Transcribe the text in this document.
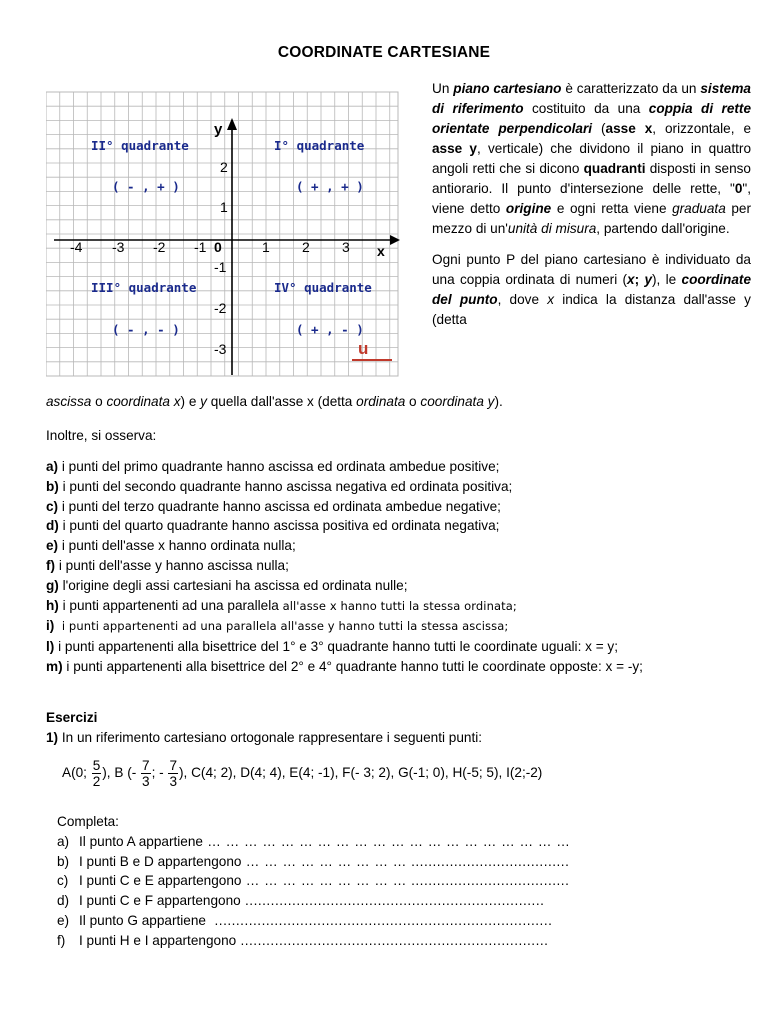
COORDINATE CARTESIANE
y
x
-4 -3 -2 -1 0	1 2 3
2
1
-1
-2
-3
II° quadrante	I° quadrante
III° quadrante	IV° quadrante
( - , + )	( + , + )
( - , - )	( + , - )
u

Un piano cartesiano è caratterizzato da un sistema di riferimento costituito da una coppia di rette orientate perpendicolari (asse x, orizzontale, e asse y, verticale) che dividono il piano in quattro angoli retti che si dicono quadranti disposti in senso antiorario. Il punto d'intersezione delle rette, "0", viene detto origine e ogni retta viene graduata per mezzo di un'unità di misura, partendo dall'origine.

Ogni punto P del piano cartesiano è individuato da una coppia ordinata di numeri (x; y), le coordinate del punto, dove x indica la distanza dall'asse y (detta

ascissa o coordinata x) e y quella dall'asse x (detta ordinata o coordinata y).
Inoltre, si osserva:
a) i punti del primo quadrante hanno ascissa ed ordinata ambedue positive;
b) i punti del secondo quadrante hanno ascissa negativa ed ordinata positiva;
c) i punti del terzo quadrante hanno ascissa ed ordinata ambedue negative;
d) i punti del quarto quadrante hanno ascissa positiva ed ordinata negativa;
e) i punti dell'asse x hanno ordinata nulla;
f) i punti dell'asse y hanno ascissa nulla;
g) l'origine degli assi cartesiani ha ascissa ed ordinata nulle;
h) i punti appartenenti ad una parallela all'asse x hanno tutti la stessa ordinata;
i) i punti appartenenti ad una parallela all'asse y hanno tutti la stessa ascissa;
l) i punti appartenenti alla bisettrice del 1° e 3° quadrante hanno tutti le coordinate uguali: x = y;
m) i punti appartenenti alla bisettrice del 2° e 4° quadrante hanno tutti le coordinate opposte: x = -y;
Esercizi
1) In un riferimento cartesiano ortogonale rappresentare i seguenti punti:
A(0; $\frac{5}{2}$ ), B (- $\frac{7}{3}$ ; - $\frac{7}{3}$ ), C(4; 2), D(4; 4), E(4; -1), F(- 3; 2), G(-1; 0), H(-5; 5), I(2;-2)
Completa:
a) Il punto A appartiene … … … … … … … … … … … … … … … … … … … …
b) I punti B e D appartengono … … … … … … … … … .....................................
c) I punti C e E appartengono … … … … … … … … … .....................................
d) I punti C e F appartengono ......................................................................
e) Il punto G appartiene  ...............................................................................
f) I punti H e I appartengono ........................................................................
